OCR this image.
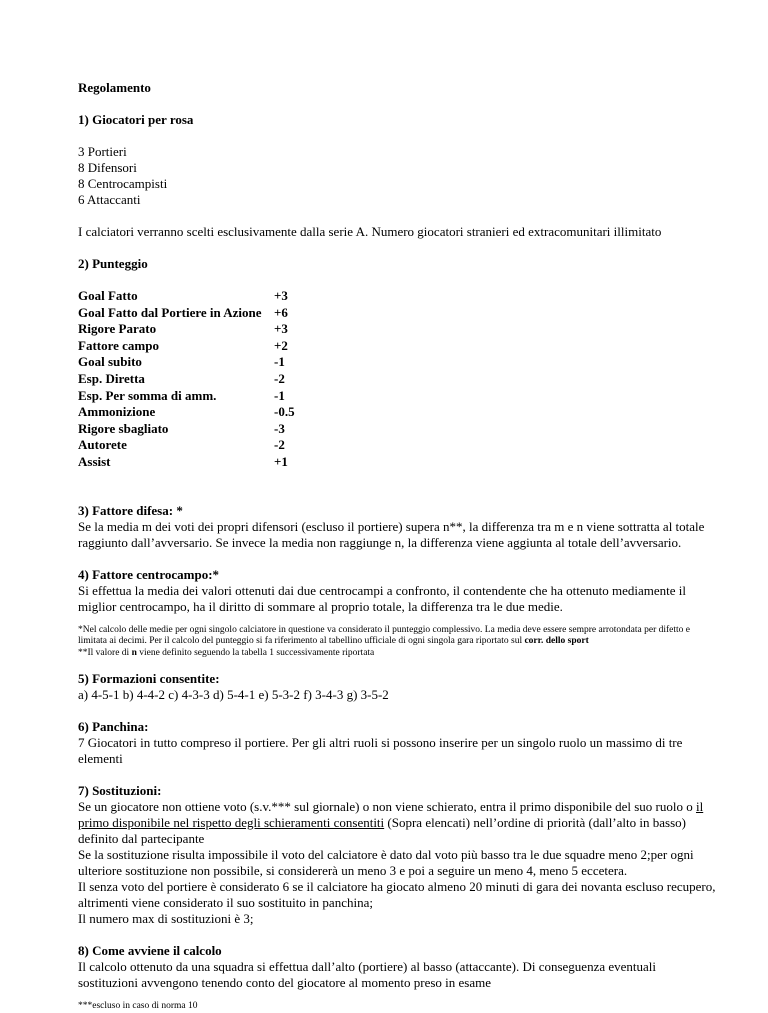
Regolamento

1) Giocatori per rosa

3 Portieri

8 Difensori

8 Centrocampisti

6 Attaccanti

I calciatori verranno scelti esclusivamente dalla serie A. Numero giocatori stranieri ed extracomunitari illimitato

2) Punteggio

Goal Fatto	+3
Goal Fatto dal Portiere in Azione +6
Rigore Parato	+3
Fattore campo	+2
Goal subito	-1
Esp. Diretta	-2
Esp. Per somma di amm.	-1
Ammonizione	-0.5
Rigore sbagliato	-3
Autorete	-2
Assist	+1

3) Fattore difesa: *

Se la media m dei voti dei propri difensori (escluso il portiere) supera n**, la differenza tra m e n viene sottratta al totale raggiunto dall’avversario. Se invece la media non raggiunge n, la differenza viene aggiunta al totale dell’avversario.

4) Fattore centrocampo:*

Si effettua la media dei valori ottenuti dai due centrocampi a confronto, il contendente che ha ottenuto mediamente il miglior centrocampo, ha il diritto di sommare al proprio totale, la differenza tra le due medie.

*Nel calcolo delle medie per ogni singolo calciatore in questione va considerato il punteggio complessivo. La media deve essere sempre arrotondata per difetto e limitata ai decimi. Per il calcolo del punteggio si fa riferimento al tabellino ufficiale di ogni singola gara riportato sul corr. dello sport

**Il valore di n viene definito seguendo la tabella 1 successivamente riportata

5) Formazioni consentite:

a) 4-5-1 b) 4-4-2 c) 4-3-3 d) 5-4-1 e) 5-3-2 f) 3-4-3 g) 3-5-2

6) Panchina:

7 Giocatori in tutto compreso il portiere. Per gli altri ruoli si possono inserire per un singolo ruolo un massimo di tre elementi

7) Sostituzioni:

Se un giocatore non ottiene voto (s.v.*** sul giornale) o non viene schierato, entra il primo disponibile del suo ruolo o il primo disponibile nel rispetto degli schieramenti consentiti (Sopra elencati) nell’ordine di priorità (dall’alto in basso) definito dal partecipante

Se la sostituzione risulta impossibile il voto del calciatore è dato dal voto più basso tra le due squadre meno 2;per ogni ulteriore sostituzione non possibile, si considererà un meno 3 e poi a seguire un meno 4, meno 5 eccetera.

Il senza voto del portiere è considerato 6 se il calciatore ha giocato almeno 20 minuti di gara dei novanta escluso recupero, altrimenti viene considerato il suo sostituito in panchina;

Il numero max di sostituzioni è 3;

8) Come avviene il calcolo

Il calcolo ottenuto da una squadra si effettua dall’alto (portiere) al basso (attaccante). Di conseguenza eventuali sostituzioni avvengono tenendo conto del giocatore al momento preso in esame

***escluso in caso di norma 10
